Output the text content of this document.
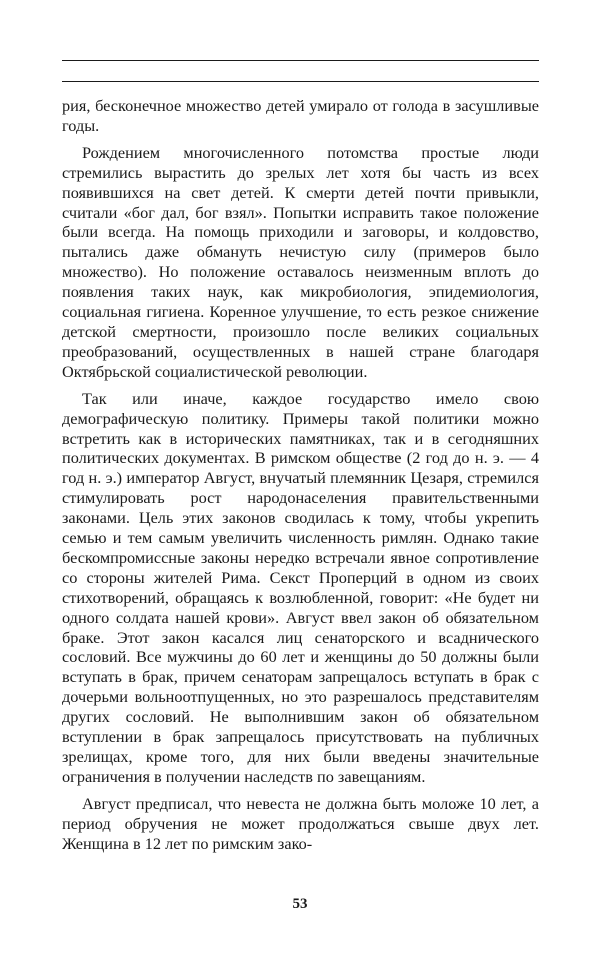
рия, бесконечное множество детей умирало от голода в засушливые годы.

Рождением многочисленного потомства простые люди стремились вырастить до зрелых лет хотя бы часть из всех появившихся на свет детей. К смерти детей почти привыкли, считали «бог дал, бог взял». Попытки исправить такое положение были всегда. На помощь приходили и заговоры, и колдовство, пытались даже обмануть нечистую силу (примеров было множество). Но положение оставалось неизменным вплоть до появления таких наук, как микробиология, эпидемиология, социальная гигиена. Коренное улучшение, то есть резкое снижение детской смертности, произошло после великих социальных преобразований, осуществленных в нашей стране благодаря Октябрьской социалистической революции.

Так или иначе, каждое государство имело свою демографическую политику. Примеры такой политики можно встретить как в исторических памятниках, так и в сегодняшних политических документах. В римском обществе (2 год до н. э. — 4 год н. э.) император Август, внучатый племянник Цезаря, стремился стимулировать рост народонаселения правительственными законами. Цель этих законов сводилась к тому, чтобы укрепить семью и тем самым увеличить численность римлян. Однако такие бескомпромиссные законы нередко встречали явное сопротивление со стороны жителей Рима. Секст Проперций в одном из своих стихотворений, обращаясь к возлюбленной, говорит: «Не будет ни одного солдата нашей крови». Август ввел закон об обязательном браке. Этот закон касался лиц сенаторского и всаднического сословий. Все мужчины до 60 лет и женщины до 50 должны были вступать в брак, причем сенаторам запрещалось вступать в брак с дочерьми вольноотпущенных, но это разрешалось представителям других сословий. Не выполнившим закон об обязательном вступлении в брак запрещалось присутствовать на публичных зрелищах, кроме того, для них были введены значительные ограничения в получении наследств по завещаниям.

Август предписал, что невеста не должна быть моложе 10 лет, а период обручения не может продолжаться свыше двух лет. Женщина в 12 лет по римским зако-

53
